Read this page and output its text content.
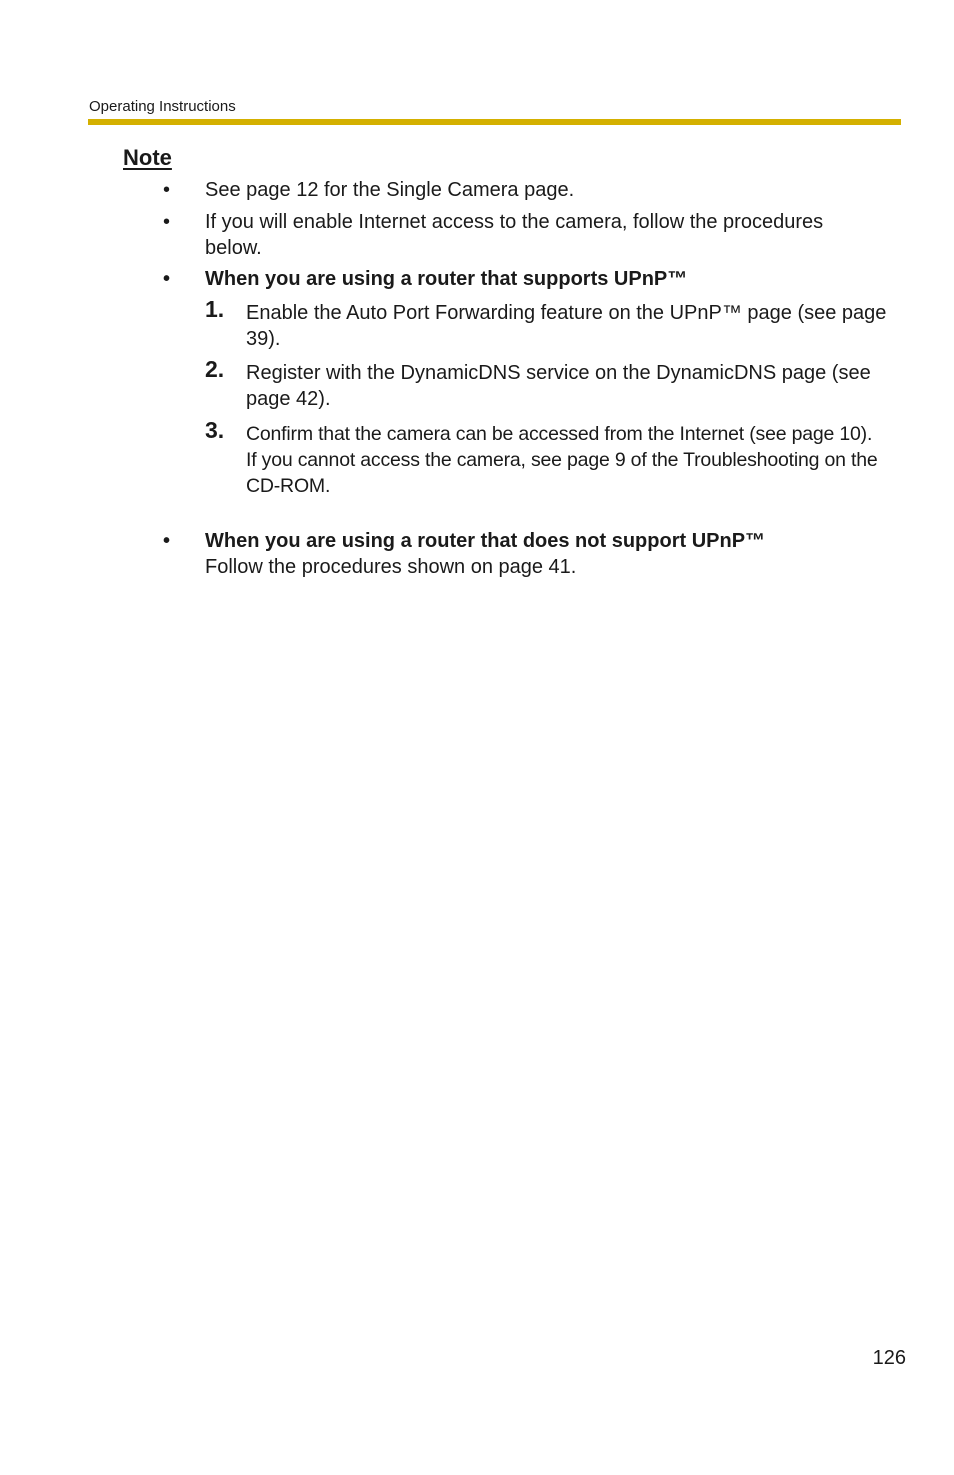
Operating Instructions
Note
•	See page 12 for the Single Camera page.
•	If you will enable Internet access to the camera, follow the procedures below.
•	When you are using a router that supports UPnP™
1. Enable the Auto Port Forwarding feature on the UPnP™ page (see page 39).
2. Register with the DynamicDNS service on the DynamicDNS page (see page 42).
3. Confirm that the camera can be accessed from the Internet (see page 10).
If you cannot access the camera, see page 9 of the Troubleshooting on the CD-ROM.
•	When you are using a router that does not support UPnP™
Follow the procedures shown on page 41.
126
